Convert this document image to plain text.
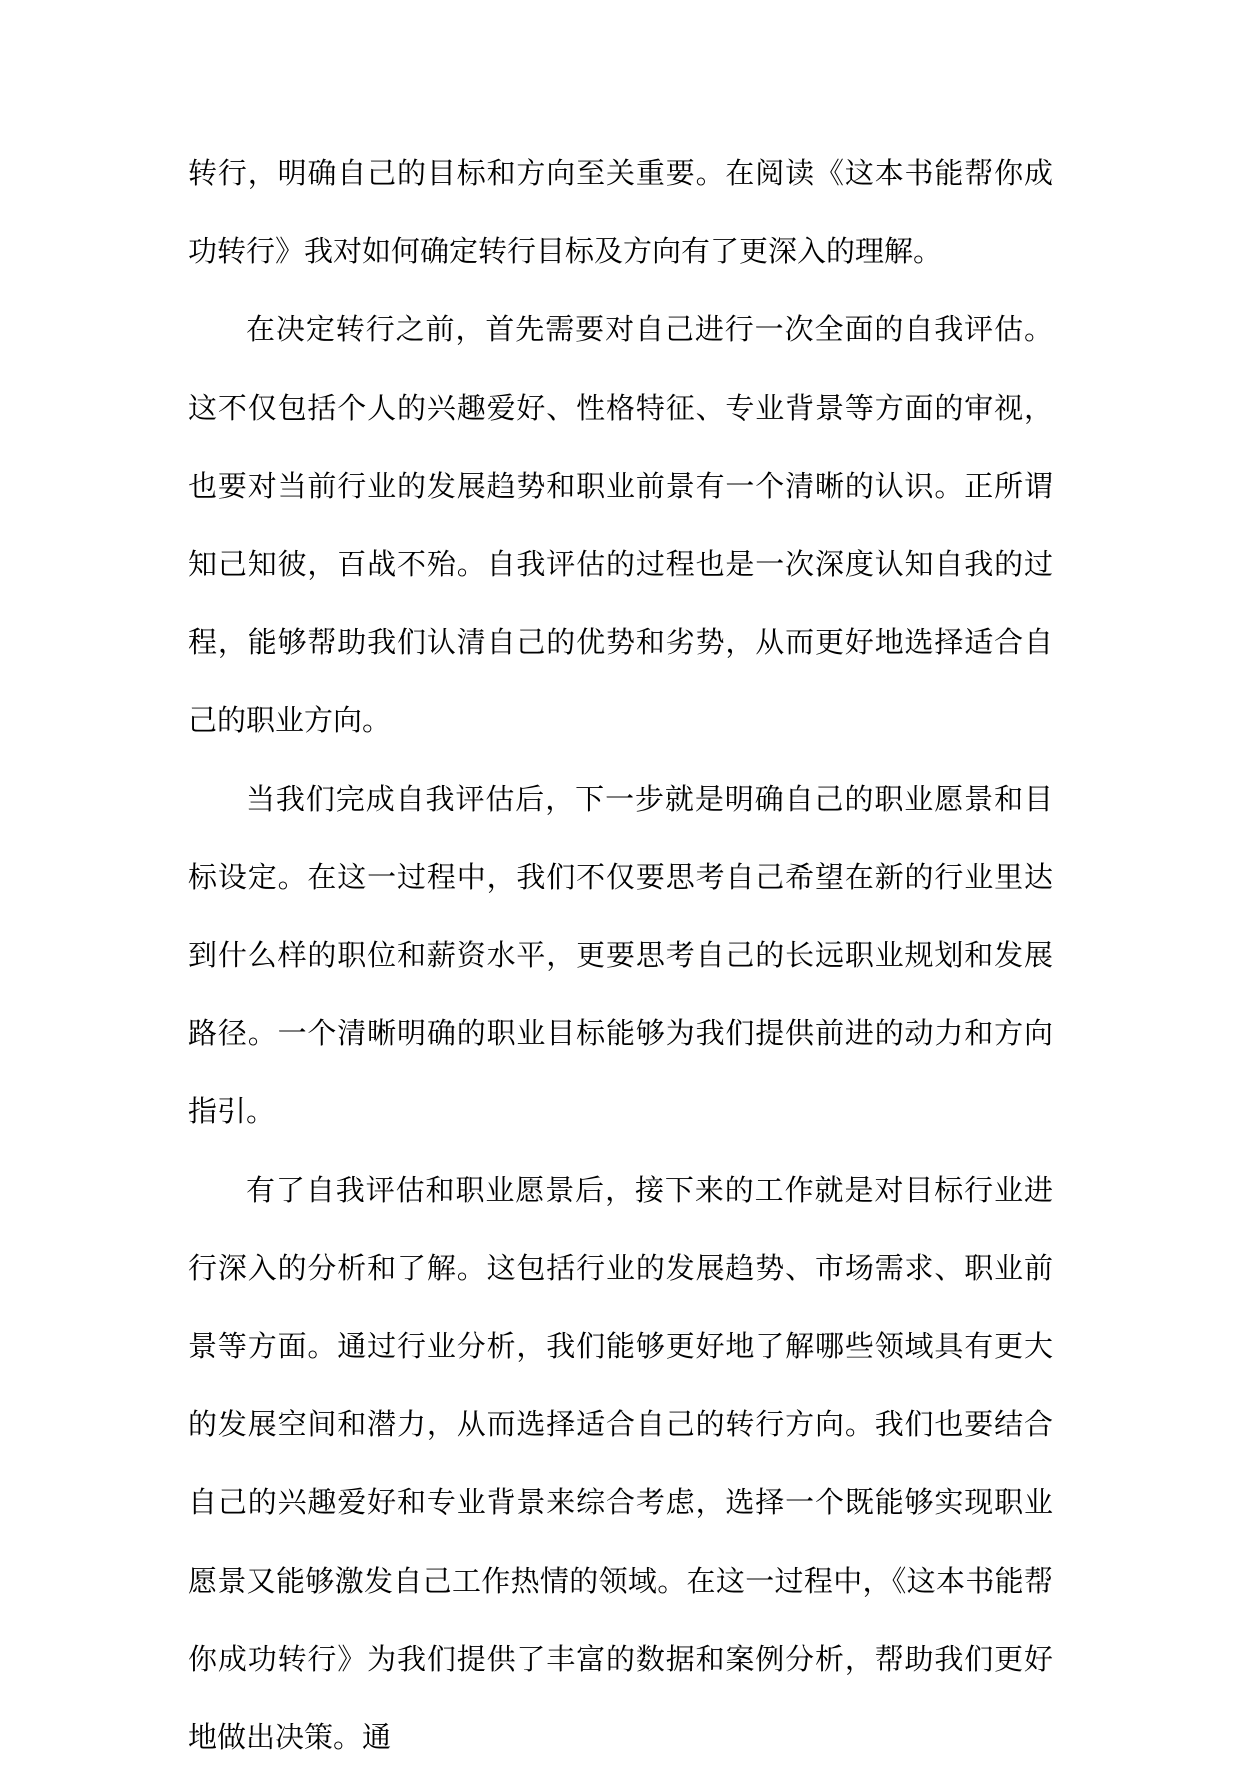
转行，明确自己的目标和方向至关重要。在阅读《这本书能帮你成功转行》我对如何确定转行目标及方向有了更深入的理解。

在决定转行之前，首先需要对自己进行一次全面的自我评估。这不仅包括个人的兴趣爱好、性格特征、专业背景等方面的审视，也要对当前行业的发展趋势和职业前景有一个清晰的认识。正所谓知己知彼，百战不殆。自我评估的过程也是一次深度认知自我的过程，能够帮助我们认清自己的优势和劣势，从而更好地选择适合自己的职业方向。

当我们完成自我评估后，下一步就是明确自己的职业愿景和目标设定。在这一过程中，我们不仅要思考自己希望在新的行业里达到什么样的职位和薪资水平，更要思考自己的长远职业规划和发展路径。一个清晰明确的职业目标能够为我们提供前进的动力和方向指引。

有了自我评估和职业愿景后，接下来的工作就是对目标行业进行深入的分析和了解。这包括行业的发展趋势、市场需求、职业前景等方面。通过行业分析，我们能够更好地了解哪些领域具有更大的发展空间和潜力，从而选择适合自己的转行方向。我们也要结合自己的兴趣爱好和专业背景来综合考虑，选择一个既能够实现职业愿景又能够激发自己工作热情的领域。在这一过程中，《这本书能帮你成功转行》为我们提供了丰富的数据和案例分析，帮助我们更好地做出决策。通
